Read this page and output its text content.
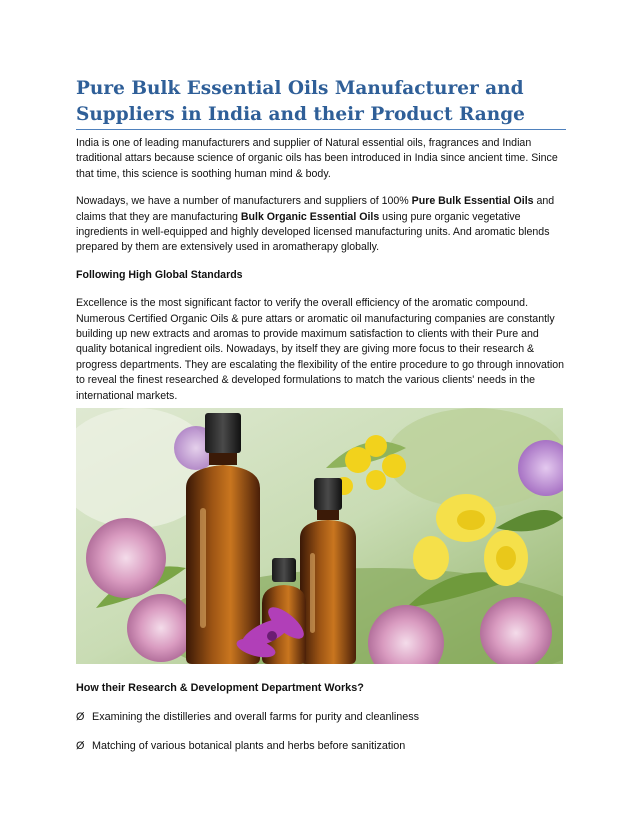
Pure Bulk Essential Oils Manufacturer and Suppliers in India and their Product Range

India is one of leading manufacturers and supplier of Natural essential oils, fragrances and Indian traditional attars because science of organic oils has been introduced in India since ancient time. Since that time, this science is soothing human mind & body.

Nowadays, we have a number of manufacturers and suppliers of 100% Pure Bulk Essential Oils and claims that they are manufacturing Bulk Organic Essential Oils using pure organic vegetative ingredients in well-equipped and highly developed licensed manufacturing units. And aromatic blends prepared by them are extensively used in aromatherapy globally.

Following High Global Standards

Excellence is the most significant factor to verify the overall efficiency of the aromatic compound. Numerous Certified Organic Oils & pure attars or aromatic oil manufacturing companies are constantly building up new extracts and aromas to provide maximum satisfaction to clients with their Pure and quality botanical ingredient oils. Nowadays, by itself they are giving more focus to their research & progress departments. They are escalating the flexibility of the entire procedure to go through innovation to reveal the finest researched & developed formulations to match the various clients' needs in the international markets.

How their Research & Development Department Works?

Ø Examining the distilleries and overall farms for purity and cleanliness

Ø Matching of various botanical plants and herbs before sanitization
